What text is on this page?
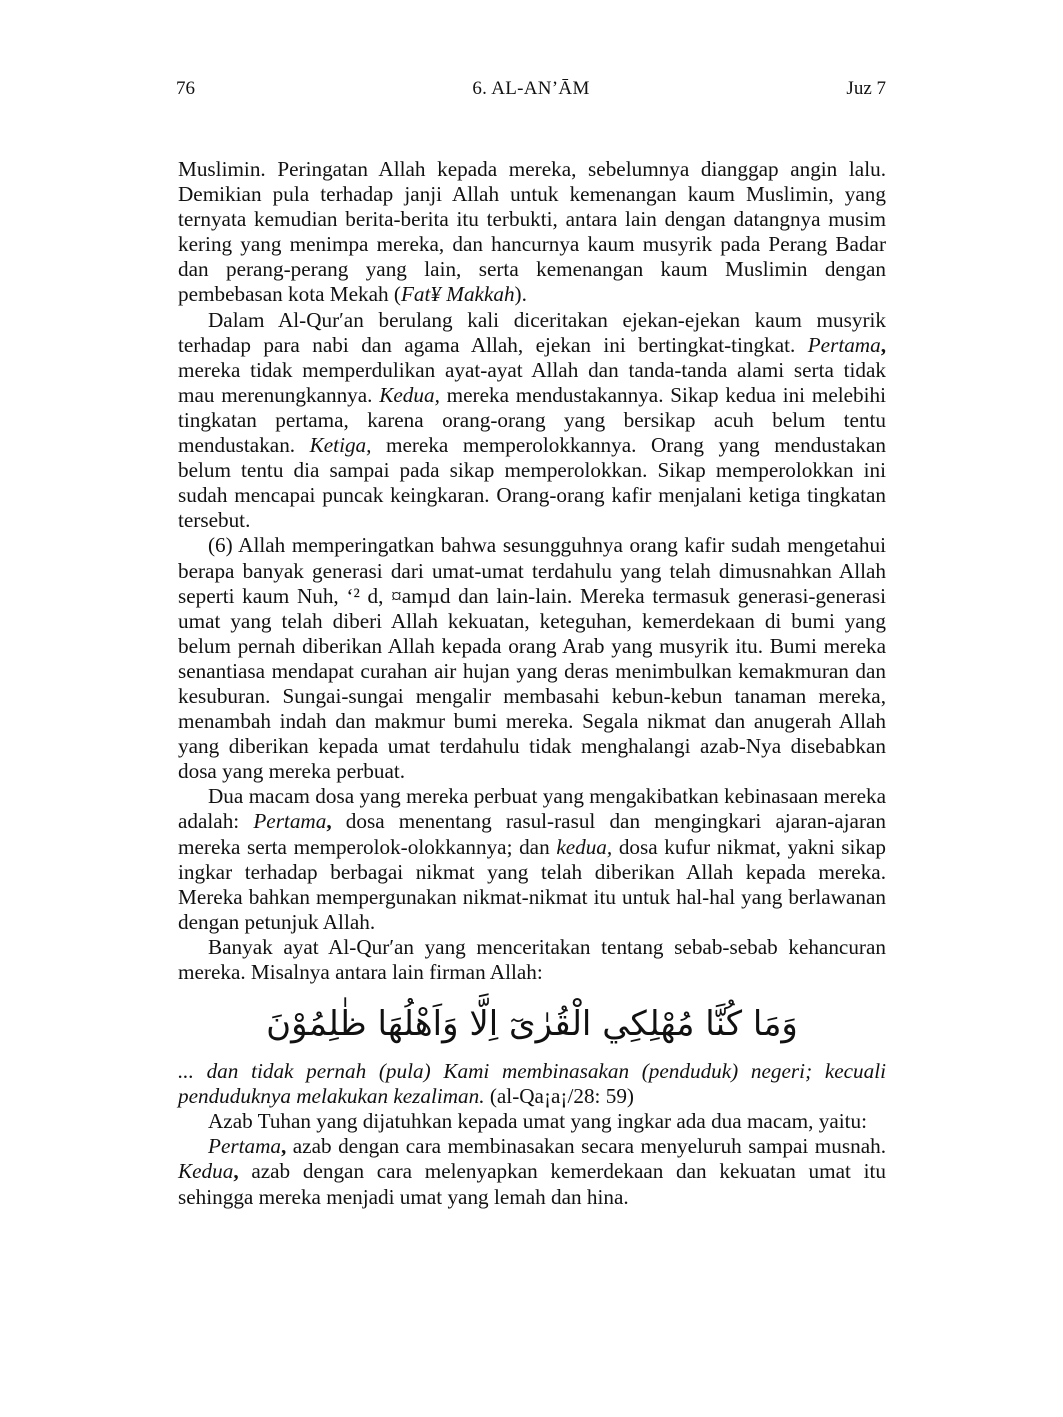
76	6. AL-AN’ĀM	Juz 7

Muslimin. Peringatan Allah kepada mereka, sebelumnya dianggap angin lalu. Demikian pula terhadap janji Allah untuk kemenangan kaum Muslimin, yang ternyata kemudian berita-berita itu terbukti, antara lain dengan datangnya musim kering yang menimpa mereka, dan hancurnya kaum musyrik pada Perang Badar dan perang-perang yang lain, serta kemenangan kaum Muslimin dengan pembebasan kota Mekah (Fat¥ Makkah).

Dalam Al-Qur′an berulang kali diceritakan ejekan-ejekan kaum musyrik terhadap para nabi dan agama Allah, ejekan ini bertingkat-tingkat. Pertama, mereka tidak memperdulikan ayat-ayat Allah dan tanda-tanda alami serta tidak mau merenungkannya. Kedua, mereka mendustakannya. Sikap kedua ini melebihi tingkatan pertama, karena orang-orang yang bersikap acuh belum tentu mendustakan. Ketiga, mereka memperolokkannya. Orang yang mendustakan belum tentu dia sampai pada sikap memperolokkan. Sikap memperolokkan ini sudah mencapai puncak keingkaran. Orang-orang kafir menjalani ketiga tingkatan tersebut.

(6) Allah memperingatkan bahwa sesungguhnya orang kafir sudah mengetahui berapa banyak generasi dari umat-umat terdahulu yang telah dimusnahkan Allah seperti kaum Nuh, ‘² d, ¤amµd dan lain-lain. Mereka termasuk generasi-generasi umat yang telah diberi Allah kekuatan, keteguhan, kemerdekaan di bumi yang belum pernah diberikan Allah kepada orang Arab yang musyrik itu. Bumi mereka senantiasa mendapat curahan air hujan yang deras menimbulkan kemakmuran dan kesuburan. Sungai-sungai mengalir membasahi kebun-kebun tanaman mereka, menambah indah dan makmur bumi mereka. Segala nikmat dan anugerah Allah yang diberikan kepada umat terdahulu tidak menghalangi azab-Nya disebabkan dosa yang mereka perbuat.

Dua macam dosa yang mereka perbuat yang mengakibatkan kebinasaan mereka adalah: Pertama, dosa menentang rasul-rasul dan mengingkari ajaran-ajaran mereka serta memperolok-olokkannya; dan kedua, dosa kufur nikmat, yakni sikap ingkar terhadap berbagai nikmat yang telah diberikan Allah kepada mereka. Mereka bahkan mempergunakan nikmat-nikmat itu untuk hal-hal yang berlawanan dengan petunjuk Allah.

Banyak ayat Al-Qur′an yang menceritakan tentang sebab-sebab kehancuran mereka. Misalnya antara lain firman Allah:

وَمَا كُنَّا مُهْلِكِي الْقُرٰىٓ اِلَّا وَاَهْلُهَا ظٰلِمُوْنَ

... dan tidak pernah (pula) Kami membinasakan (penduduk) negeri; kecuali penduduknya melakukan kezaliman. (al-Qa¡a¡/28: 59)

Azab Tuhan yang dijatuhkan kepada umat yang ingkar ada dua macam, yaitu:

Pertama, azab dengan cara membinasakan secara menyeluruh sampai musnah. Kedua, azab dengan cara melenyapkan kemerdekaan dan kekuatan umat itu sehingga mereka menjadi umat yang lemah dan hina.
